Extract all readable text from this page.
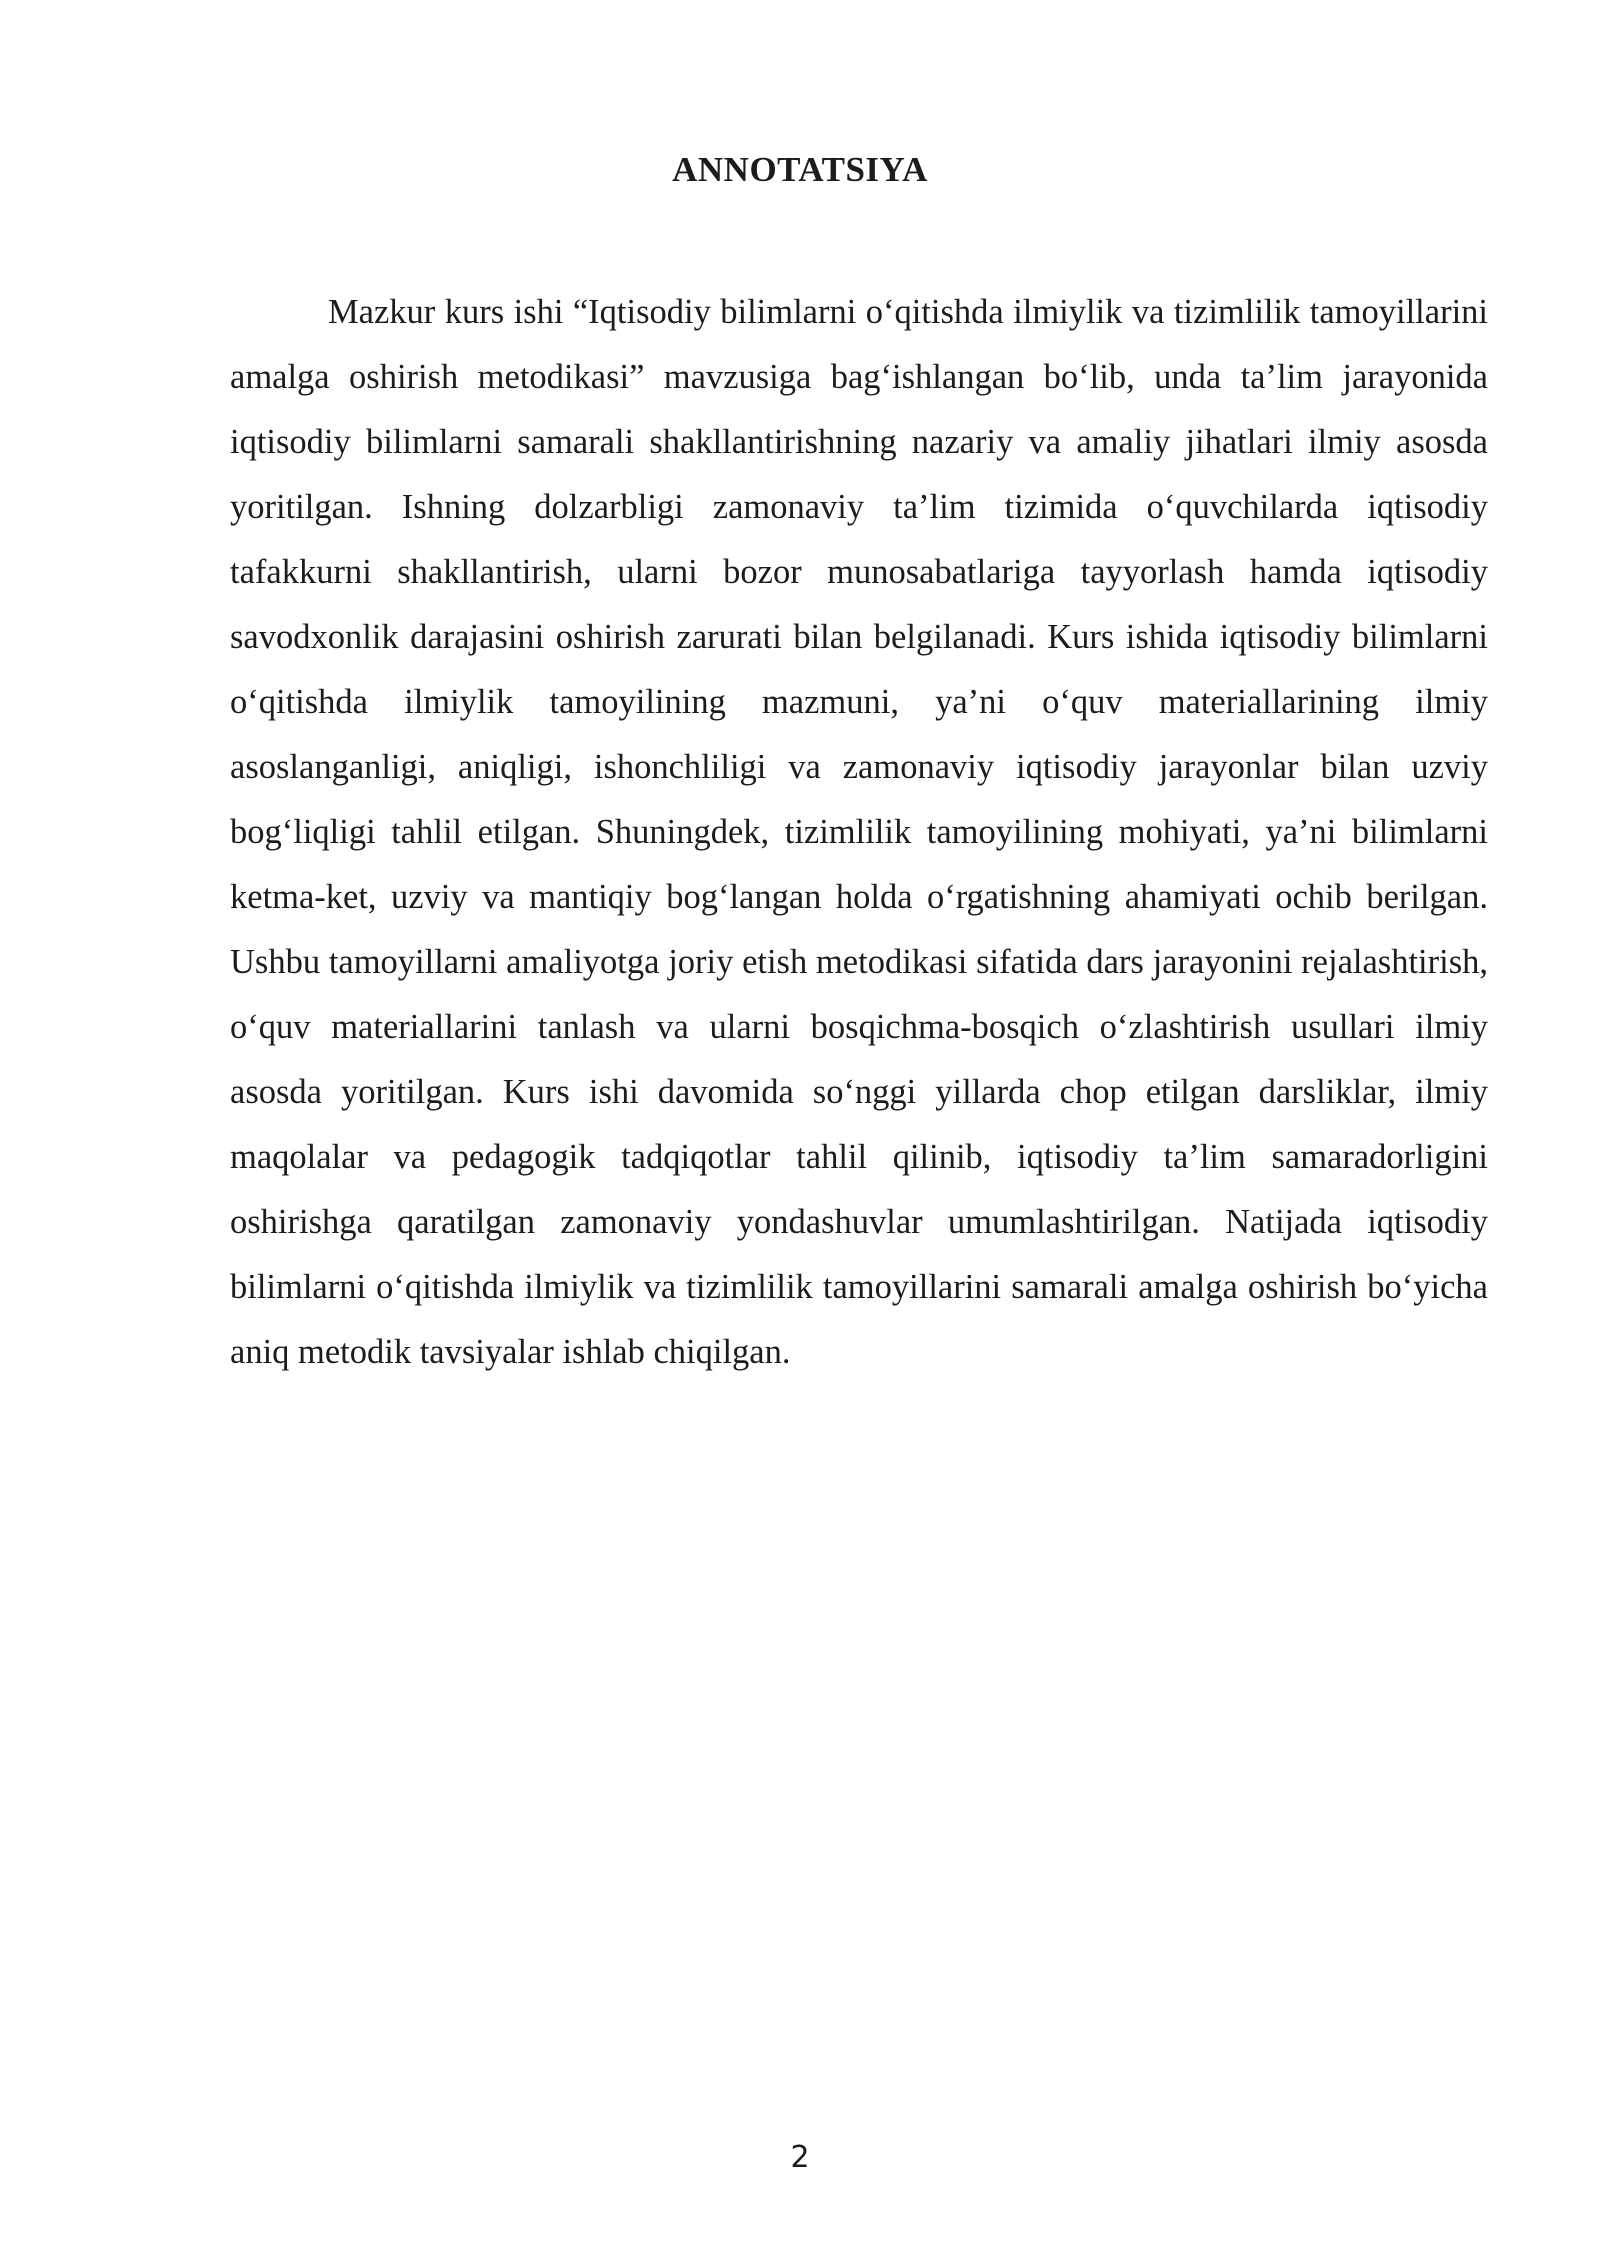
ANNOTATSIYA

Mazkur kurs ishi “Iqtisodiy bilimlarni o‘qitishda ilmiylik va tizimlilik tamoyillarini amalga oshirish metodikasi” mavzusiga bag‘ishlangan bo‘lib, unda ta’lim jarayonida iqtisodiy bilimlarni samarali shakllantirishning nazariy va amaliy jihatlari ilmiy asosda yoritilgan. Ishning dolzarbligi zamonaviy ta’lim tizimida o‘quvchilarda iqtisodiy tafakkurni shakllantirish, ularni bozor munosabatlariga tayyorlash hamda iqtisodiy savodxonlik darajasini oshirish zarurati bilan belgilanadi. Kurs ishida iqtisodiy bilimlarni o‘qitishda ilmiylik tamoyilining mazmuni, ya’ni o‘quv materiallarining ilmiy asoslanganligi, aniqligi, ishonchliligi va zamonaviy iqtisodiy jarayonlar bilan uzviy bog‘liqligi tahlil etilgan. Shuningdek, tizimlilik tamoyilining mohiyati, ya’ni bilimlarni ketma-ket, uzviy va mantiqiy bog‘langan holda o‘rgatishning ahamiyati ochib berilgan. Ushbu tamoyillarni amaliyotga joriy etish metodikasi sifatida dars jarayonini rejalashtirish, o‘quv materiallarini tanlash va ularni bosqichma-bosqich o‘zlashtirish usullari ilmiy asosda yoritilgan. Kurs ishi davomida so‘nggi yillarda chop etilgan darsliklar, ilmiy maqolalar va pedagogik tadqiqotlar tahlil qilinib, iqtisodiy ta’lim samaradorligini oshirishga qaratilgan zamonaviy yondashuvlar umumlashtirilgan. Natijada iqtisodiy bilimlarni o‘qitishda ilmiylik va tizimlilik tamoyillarini samarali amalga oshirish bo‘yicha aniq metodik tavsiyalar ishlab chiqilgan.

2
